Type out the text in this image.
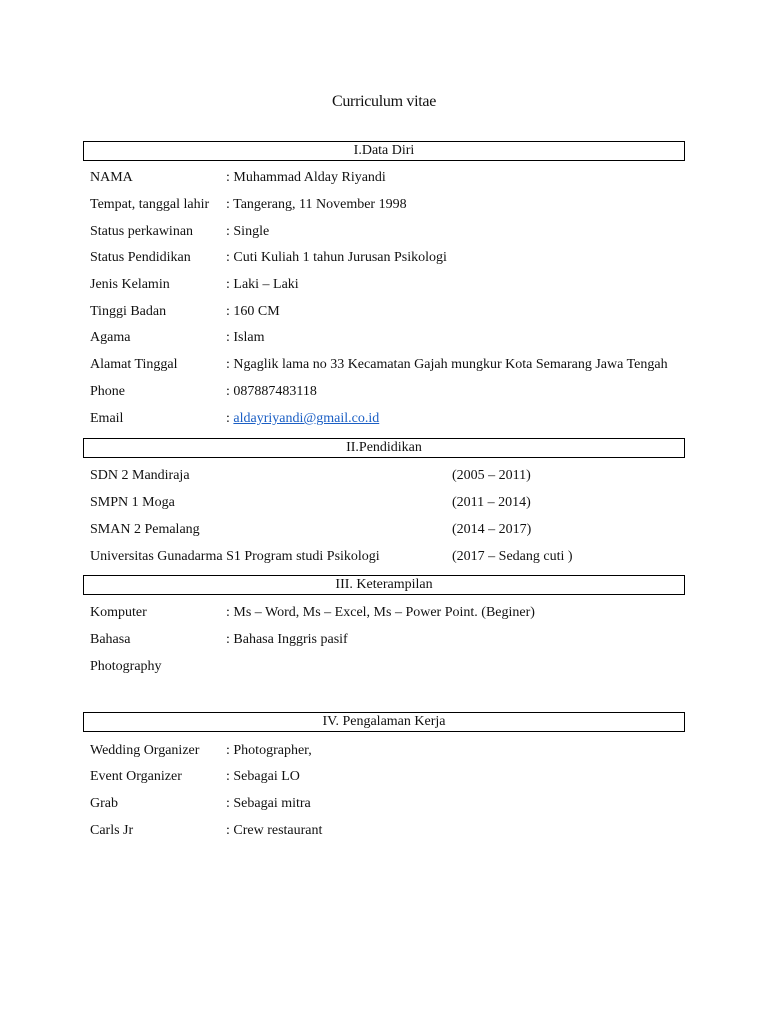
Curriculum vitae
I.Data Diri
NAMA	: Muhammad Alday Riyandi
Tempat, tanggal lahir : Tangerang, 11 November 1998
Status perkawinan : Single
Status Pendidikan	: Cuti Kuliah 1 tahun Jurusan Psikologi
Jenis Kelamin	: Laki – Laki
Tinggi Badan	: 160 CM
Agama	: Islam
Alamat Tinggal	: Ngaglik lama no 33 Kecamatan Gajah mungkur Kota Semarang Jawa Tengah
Phone	: 087887483118
Email	: aldayriyandi@gmail.co.id
II.Pendidikan
SDN 2 Mandiraja	(2005 – 2011)
SMPN 1 Moga	(2011 – 2014)
SMAN 2 Pemalang	(2014 – 2017)
Universitas Gunadarma S1 Program studi Psikologi	(2017 – Sedang cuti )
III. Keterampilan
Komputer	: Ms – Word, Ms – Excel, Ms – Power Point. (Beginer)
Bahasa	: Bahasa Inggris pasif
Photography
IV. Pengalaman Kerja
Wedding Organizer : Photographer,
Event Organizer	: Sebagai LO
Grab	: Sebagai mitra
Carls Jr	: Crew restaurant
